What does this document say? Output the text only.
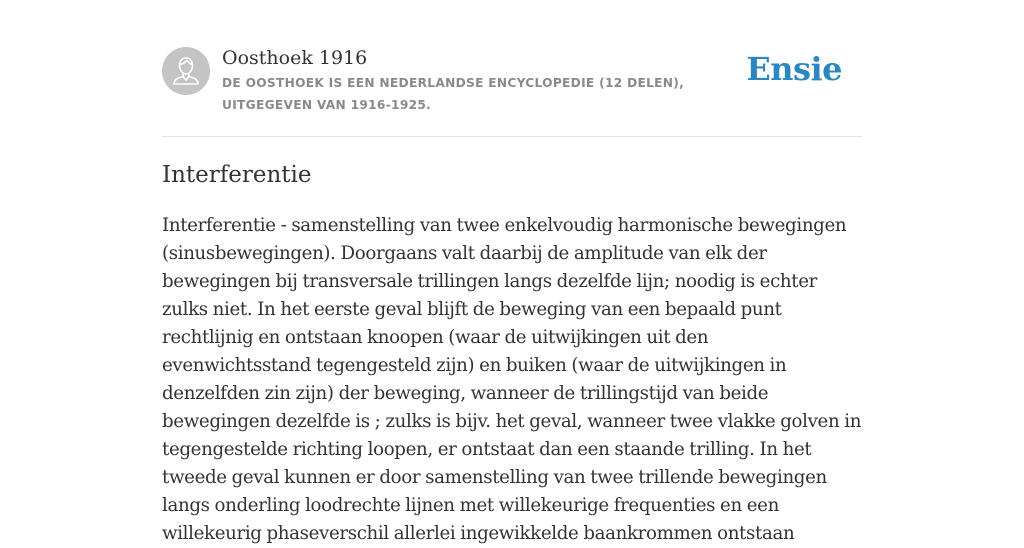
Oosthoek 1916
DE OOSTHOEK IS EEN NEDERLANDSE ENCYCLOPEDIE (12 DELEN), UITGEGEVEN VAN 1916-1925.
Ensie
Interferentie

Interferentie - samenstelling van twee enkelvoudig harmonische bewegingen (sinusbewegingen). Doorgaans valt daarbij de amplitude van elk der bewegingen bij transversale trillingen langs dezelfde lijn; noodig is echter zulks niet. In het eerste geval blijft de beweging van een bepaald punt rechtlijnig en ontstaan knoopen (waar de uitwijkingen uit den evenwichtsstand tegengesteld zijn) en buiken (waar de uitwijkingen in denzelfden zin zijn) der beweging, wanneer de trillingstijd van beide bewegingen dezelfde is ; zulks is bijv. het geval, wanneer twee vlakke golven in tegengestelde richting loopen, er ontstaat dan een staande trilling. In het tweede geval kunnen er door samenstelling van twee trillende bewegingen langs onderling loodrechte lijnen met willekeurige frequenties en een willekeurig phaseverschil allerlei ingewikkelde baankrommen ontstaan
